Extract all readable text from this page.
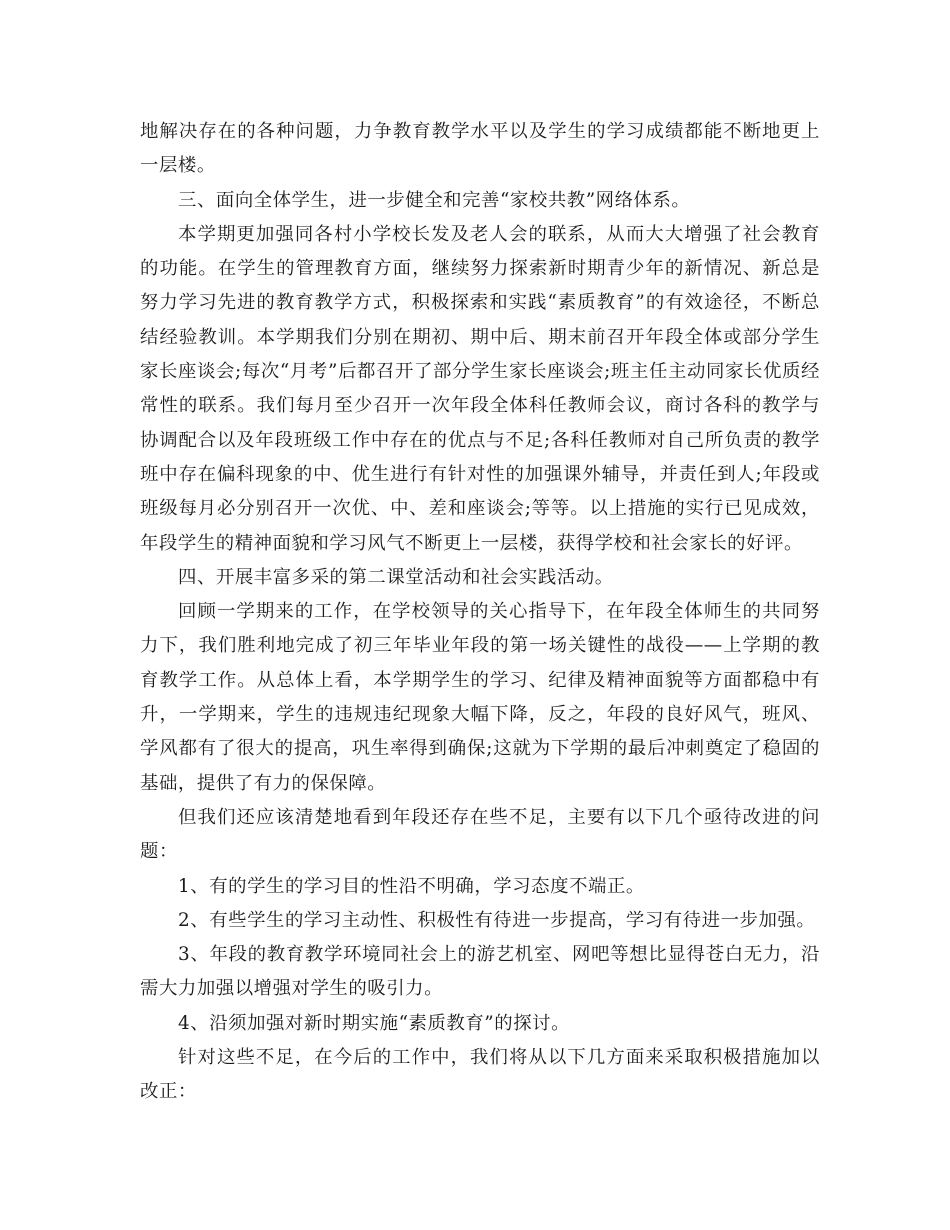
地解决存在的各种问题，力争教育教学水平以及学生的学习成绩都能不断地更上一层楼。

三、面向全体学生，进一步健全和完善“家校共教”网络体系。

本学期更加强同各村小学校长发及老人会的联系，从而大大增强了社会教育的功能。在学生的管理教育方面，继续努力探索新时期青少年的新情况、新总是努力学习先进的教育教学方式，积极探索和实践“素质教育”的有效途径，不断总结经验教训。本学期我们分别在期初、期中后、期末前召开年段全体或部分学生家长座谈会;每次“月考”后都召开了部分学生家长座谈会;班主任主动同家长优质经常性的联系。我们每月至少召开一次年段全体科任教师会议，商讨各科的教学与协调配合以及年段班级工作中存在的优点与不足;各科任教师对自己所负责的教学班中存在偏科现象的中、优生进行有针对性的加强课外辅导，并责任到人;年段或班级每月必分别召开一次优、中、差和座谈会;等等。以上措施的实行已见成效，年段学生的精神面貌和学习风气不断更上一层楼，获得学校和社会家长的好评。

四、开展丰富多采的第二课堂活动和社会实践活动。

回顾一学期来的工作，在学校领导的关心指导下，在年段全体师生的共同努力下，我们胜利地完成了初三年毕业年段的第一场关键性的战役——上学期的教育教学工作。从总体上看，本学期学生的学习、纪律及精神面貌等方面都稳中有升，一学期来，学生的违规违纪现象大幅下降，反之，年段的良好风气，班风、学风都有了很大的提高，巩生率得到确保;这就为下学期的最后冲刺奠定了稳固的基础，提供了有力的保保障。

但我们还应该清楚地看到年段还存在些不足，主要有以下几个亟待改进的问题：

1、有的学生的学习目的性沿不明确，学习态度不端正。

2、有些学生的学习主动性、积极性有待进一步提高，学习有待进一步加强。

3、年段的教育教学环境同社会上的游艺机室、网吧等想比显得苍白无力，沿需大力加强以增强对学生的吸引力。

4、沿须加强对新时期实施“素质教育”的探讨。

针对这些不足，在今后的工作中，我们将从以下几方面来采取积极措施加以改正：
